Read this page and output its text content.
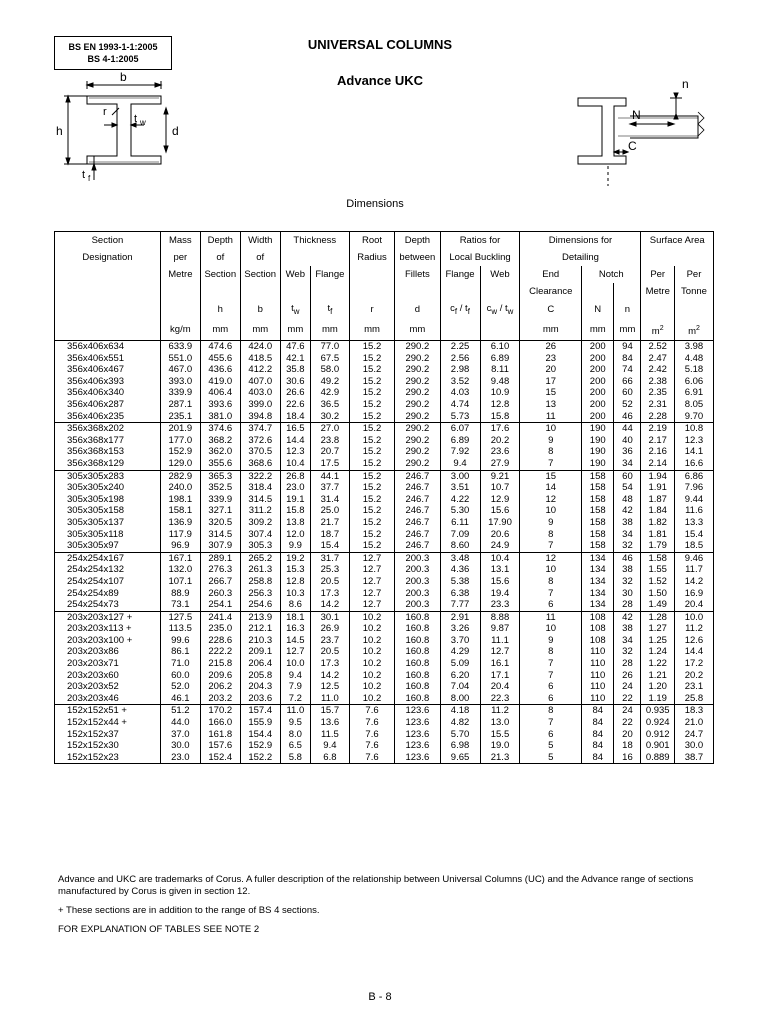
BS EN 1993-1-1:2005
BS 4-1:2005
UNIVERSAL COLUMNS
Advance UKC
b
r
t w
h	d
t f
n
N
C
Dimensions
Section	Mass	Depth	Width	Thickness		Root	Depth	Ratios for		Dimensions for			Surface Area	
Designation	per	of	of			Radius	between	Local Buckling		Detailing				
	Metre	Section	Section	Web	Flange		Fillets	Flange	Web	End	Notch		Per	Per
										Clearance			Metre	Tonne
		h	b	$t_w$	$t_f$	r	d	$c_f / t_f$	$c_w / t_w$	C	N	n		
	kg/m	mm	mm	mm	mm	mm	mm			mm	mm	mm	$m^2$	$m^2$
356x406x634	633.9	474.6	424.0	47.6	77.0	15.2	290.2	2.25	6.10	26	200	94	2.52	3.98
356x406x551	551.0	455.6	418.5	42.1	67.5	15.2	290.2	2.56	6.89	23	200	84	2.47	4.48
356x406x467	467.0	436.6	412.2	35.8	58.0	15.2	290.2	2.98	8.11	20	200	74	2.42	5.18
356x406x393	393.0	419.0	407.0	30.6	49.2	15.2	290.2	3.52	9.48	17	200	66	2.38	6.06
356x406x340	339.9	406.4	403.0	26.6	42.9	15.2	290.2	4.03	10.9	15	200	60	2.35	6.91
356x406x287	287.1	393.6	399.0	22.6	36.5	15.2	290.2	4.74	12.8	13	200	52	2.31	8.05
356x406x235	235.1	381.0	394.8	18.4	30.2	15.2	290.2	5.73	15.8	11	200	46	2.28	9.70
356x368x202	201.9	374.6	374.7	16.5	27.0	15.2	290.2	6.07	17.6	10	190	44	2.19	10.8
356x368x177	177.0	368.2	372.6	14.4	23.8	15.2	290.2	6.89	20.2	9	190	40	2.17	12.3
356x368x153	152.9	362.0	370.5	12.3	20.7	15.2	290.2	7.92	23.6	8	190	36	2.16	14.1
356x368x129	129.0	355.6	368.6	10.4	17.5	15.2	290.2	9.4	27.9	7	190	34	2.14	16.6
305x305x283	282.9	365.3	322.2	26.8	44.1	15.2	246.7	3.00	9.21	15	158	60	1.94	6.86
305x305x240	240.0	352.5	318.4	23.0	37.7	15.2	246.7	3.51	10.7	14	158	54	1.91	7.96
305x305x198	198.1	339.9	314.5	19.1	31.4	15.2	246.7	4.22	12.9	12	158	48	1.87	9.44
305x305x158	158.1	327.1	311.2	15.8	25.0	15.2	246.7	5.30	15.6	10	158	42	1.84	11.6
305x305x137	136.9	320.5	309.2	13.8	21.7	15.2	246.7	6.11	17.90	9	158	38	1.82	13.3
305x305x118	117.9	314.5	307.4	12.0	18.7	15.2	246.7	7.09	20.6	8	158	34	1.81	15.4
305x305x97	96.9	307.9	305.3	9.9	15.4	15.2	246.7	8.60	24.9	7	158	32	1.79	18.5
254x254x167	167.1	289.1	265.2	19.2	31.7	12.7	200.3	3.48	10.4	12	134	46	1.58	9.46
254x254x132	132.0	276.3	261.3	15.3	25.3	12.7	200.3	4.36	13.1	10	134	38	1.55	11.7
254x254x107	107.1	266.7	258.8	12.8	20.5	12.7	200.3	5.38	15.6	8	134	32	1.52	14.2
254x254x89	88.9	260.3	256.3	10.3	17.3	12.7	200.3	6.38	19.4	7	134	30	1.50	16.9
254x254x73	73.1	254.1	254.6	8.6	14.2	12.7	200.3	7.77	23.3	6	134	28	1.49	20.4
203x203x127 +	127.5	241.4	213.9	18.1	30.1	10.2	160.8	2.91	8.88	11	108	42	1.28	10.0
203x203x113 +	113.5	235.0	212.1	16.3	26.9	10.2	160.8	3.26	9.87	10	108	38	1.27	11.2
203x203x100 +	99.6	228.6	210.3	14.5	23.7	10.2	160.8	3.70	11.1	9	108	34	1.25	12.6
203x203x86	86.1	222.2	209.1	12.7	20.5	10.2	160.8	4.29	12.7	8	110	32	1.24	14.4
203x203x71	71.0	215.8	206.4	10.0	17.3	10.2	160.8	5.09	16.1	7	110	28	1.22	17.2
203x203x60	60.0	209.6	205.8	9.4	14.2	10.2	160.8	6.20	17.1	7	110	26	1.21	20.2
203x203x52	52.0	206.2	204.3	7.9	12.5	10.2	160.8	7.04	20.4	6	110	24	1.20	23.1
203x203x46	46.1	203.2	203.6	7.2	11.0	10.2	160.8	8.00	22.3	6	110	22	1.19	25.8
152x152x51 +	51.2	170.2	157.4	11.0	15.7	7.6	123.6	4.18	11.2	8	84	24	0.935	18.3
152x152x44 +	44.0	166.0	155.9	9.5	13.6	7.6	123.6	4.82	13.0	7	84	22	0.924	21.0
152x152x37	37.0	161.8	154.4	8.0	11.5	7.6	123.6	5.70	15.5	6	84	20	0.912	24.7
152x152x30	30.0	157.6	152.9	6.5	9.4	7.6	123.6	6.98	19.0	5	84	18	0.901	30.0
152x152x23	23.0	152.4	152.2	5.8	6.8	7.6	123.6	9.65	21.3	5	84	16	0.889	38.7

Advance and UKC are trademarks of Corus. A fuller description of the relationship between Universal Columns (UC) and the Advance range of sections manufactured by Corus is given in section 12.

+ These sections are in addition to the range of BS 4 sections.

FOR EXPLANATION OF TABLES SEE NOTE 2

B - 8
